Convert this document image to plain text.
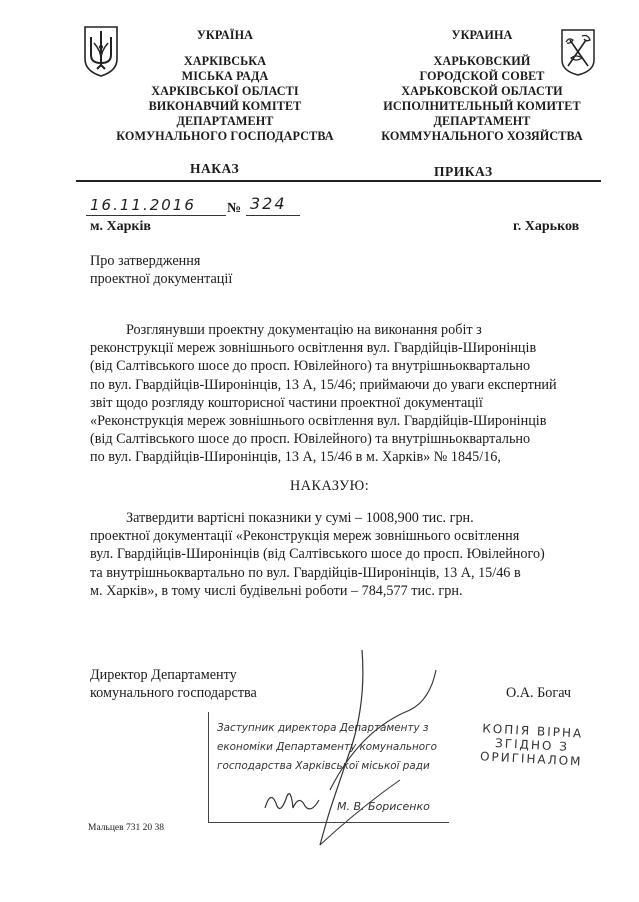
УКРАЇНА
ХАРКІВСЬКА
МІСЬКА РАДА
ХАРКІВСЬКОЇ ОБЛАСТІ
ВИКОНАВЧИЙ КОМІТЕТ
ДЕПАРТАМЕНТ
КОМУНАЛЬНОГО ГОСПОДАРСТВА
УКРАИНА
ХАРЬКОВСКИЙ
ГОРОДСКОЙ СОВЕТ
ХАРЬКОВСКОЙ ОБЛАСТИ
ИСПОЛНИТЕЛЬНЫЙ КОМИТЕТ
ДЕПАРТАМЕНТ
КОММУНАЛЬНОГО ХОЗЯЙСТВА
НАКАЗ	ПРИКАЗ
16.11.2016 № 324
м. Харків	г. Харьков
Про затвердження
проектної документації
Розглянувши проектну документацію на виконання робіт з
реконструкції мереж зовнішнього освітлення вул. Гвардійців-Широнінців
(від Салтівського шосе до просп. Ювілейного) та внутрішньоквартально
по вул. Гвардійців-Широнінців, 13 А, 15/46; приймаючи до уваги експертний
звіт щодо розгляду кошторисної частини проектної документації
«Реконструкція мереж зовнішнього освітлення вул. Гвардійців-Широнінців
(від Салтівського шосе до просп. Ювілейного) та внутрішньоквартально
по вул. Гвардійців-Широнінців, 13 А, 15/46 в м. Харків» № 1845/16,
НАКАЗУЮ:
Затвердити вартісні показники у сумі – 1008,900 тис. грн.
проектної документації «Реконструкція мереж зовнішнього освітлення
вул. Гвардійців-Широнінців (від Салтівського шосе до просп. Ювілейного)
та внутрішньоквартально по вул. Гвардійців-Широнінців, 13 А, 15/46 в
м. Харків», в тому числі будівельні роботи – 784,577 тис. грн.
Директор Департаменту
комунального господарства	О.А. Богач
Заступник директора Департаменту з
економіки Департаменту комунального
господарства Харківської міської ради
М. В. Борисенко
КОПІЯ ВІРНА
ЗГІДНО З
ОРИГІНАЛОМ
Мальцев 731 20 38
